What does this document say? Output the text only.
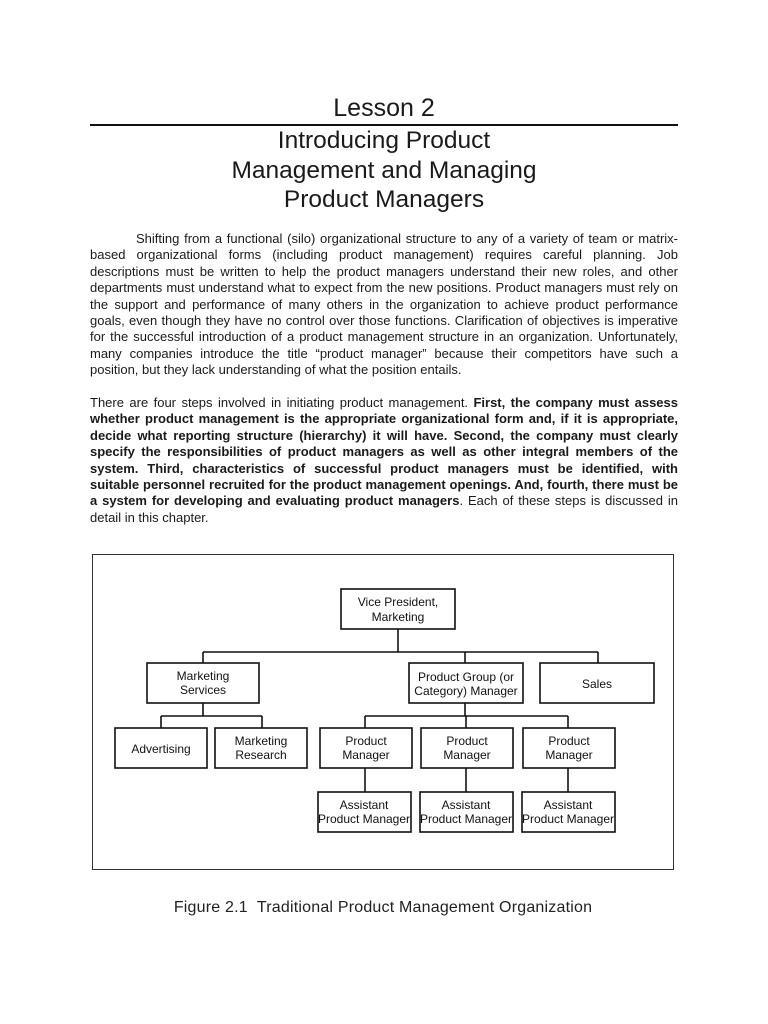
Lesson 2
Introducing Product
Management and Managing
Product Managers

Shifting from a functional (silo) organizational structure to any of a variety of team or matrix-based organizational forms (including product management) requires careful planning. Job descriptions must be written to help the product managers understand their new roles, and other departments must understand what to expect from the new positions. Product managers must rely on the support and performance of many others in the organization to achieve product performance goals, even though they have no control over those functions. Clarification of objectives is imperative for the successful introduction of a product management structure in an organization. Unfortunately, many companies introduce the title “product manager” because their competitors have such a position, but they lack understanding of what the position entails.

There are four steps involved in initiating product management. First, the company must assess whether product management is the appropriate organizational form and, if it is appropriate, decide what reporting structure (hierarchy) it will have. Second, the company must clearly specify the responsibilities of product managers as well as other integral members of the system. Third, characteristics of successful product managers must be identified, with suitable personnel recruited for the product management openings. And, fourth, there must be a system for developing and evaluating product managers. Each of these steps is discussed in detail in this chapter.

Vice President,
Marketing
Marketing
Services
Product Group (or
Category) Manager	Sales
Advertising
Marketing
Research
Product
Manager
Product
Manager
Product
Manager
Assistant
Product Manager
Assistant
Product Manager
Assistant
Product Manager
Figure 2.1 Traditional Product Management Organization
